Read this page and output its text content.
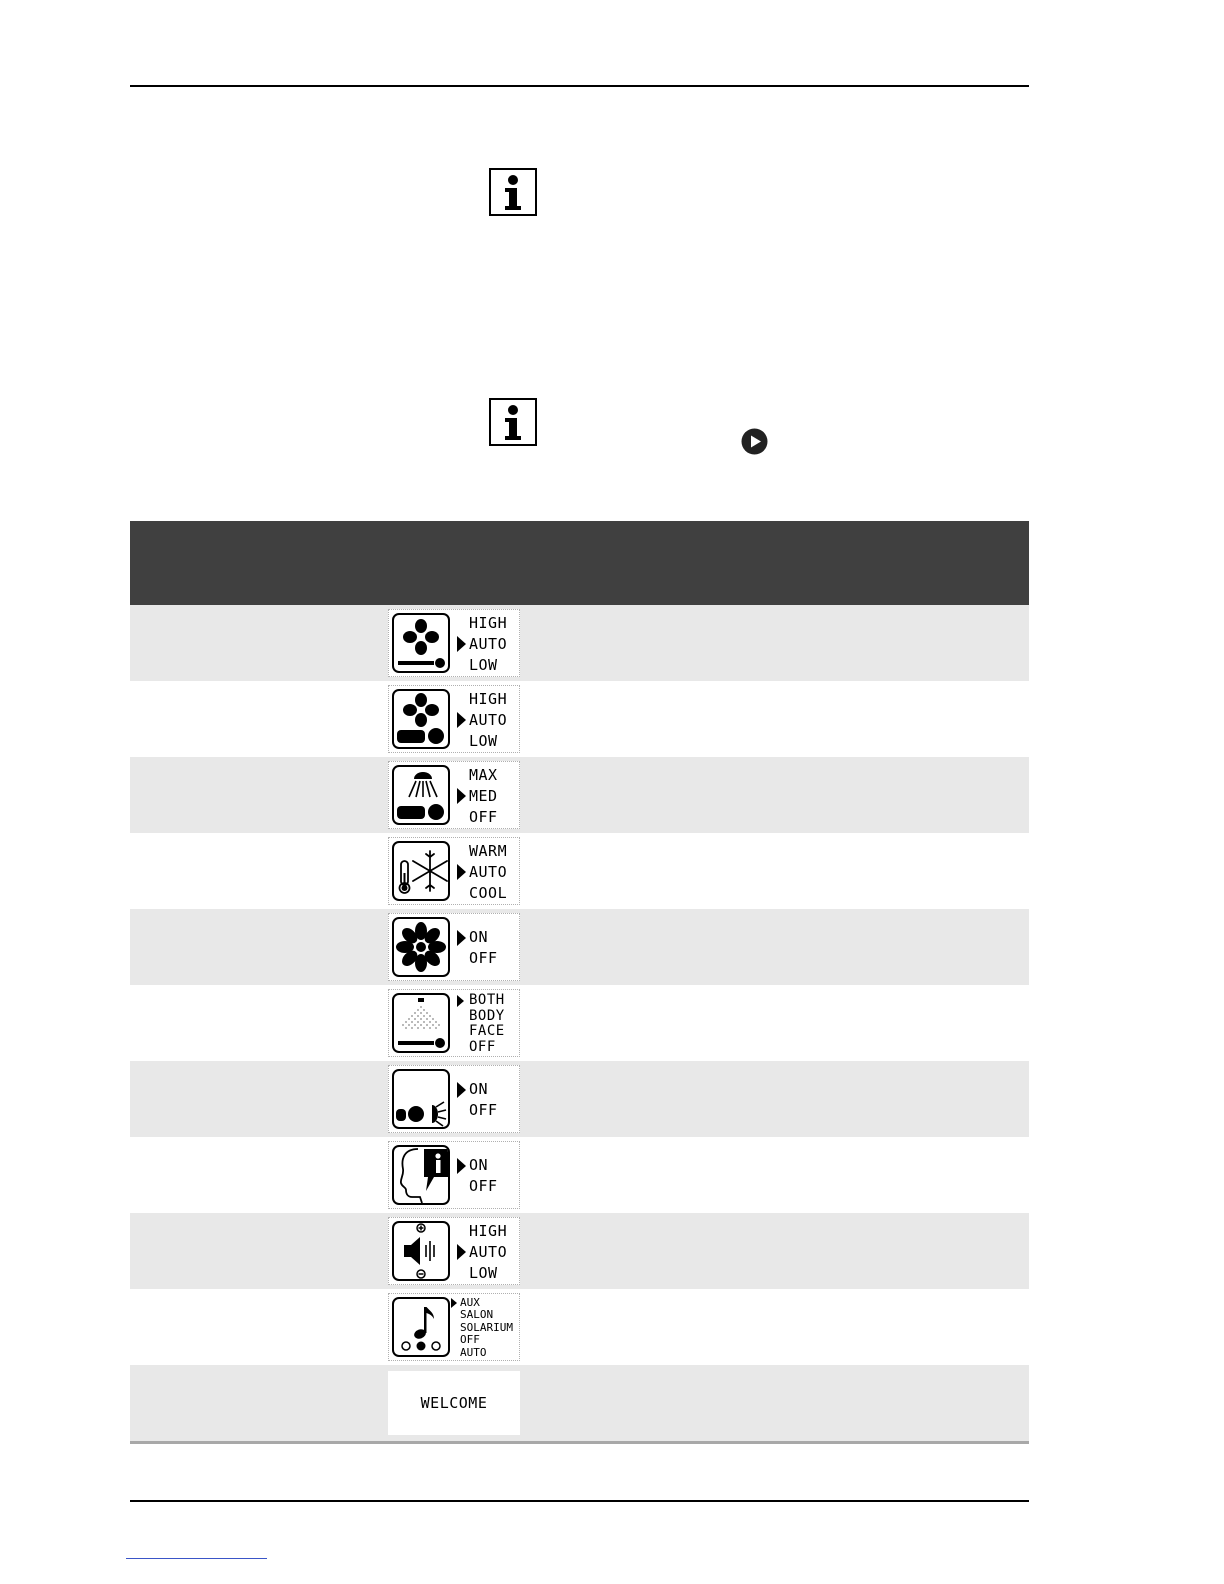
HIGH
AUTO
LOW
HIGH
AUTO
LOW
MAX
MED
OFF
WARM
AUTO
COOL
ON
OFF
BOTH
BODY
FACE
OFF
ON
OFF
ON
OFF
HIGH
AUTO
LOW
AUX
SALON
SOLARIUM
OFF
AUTO
WELCOME
